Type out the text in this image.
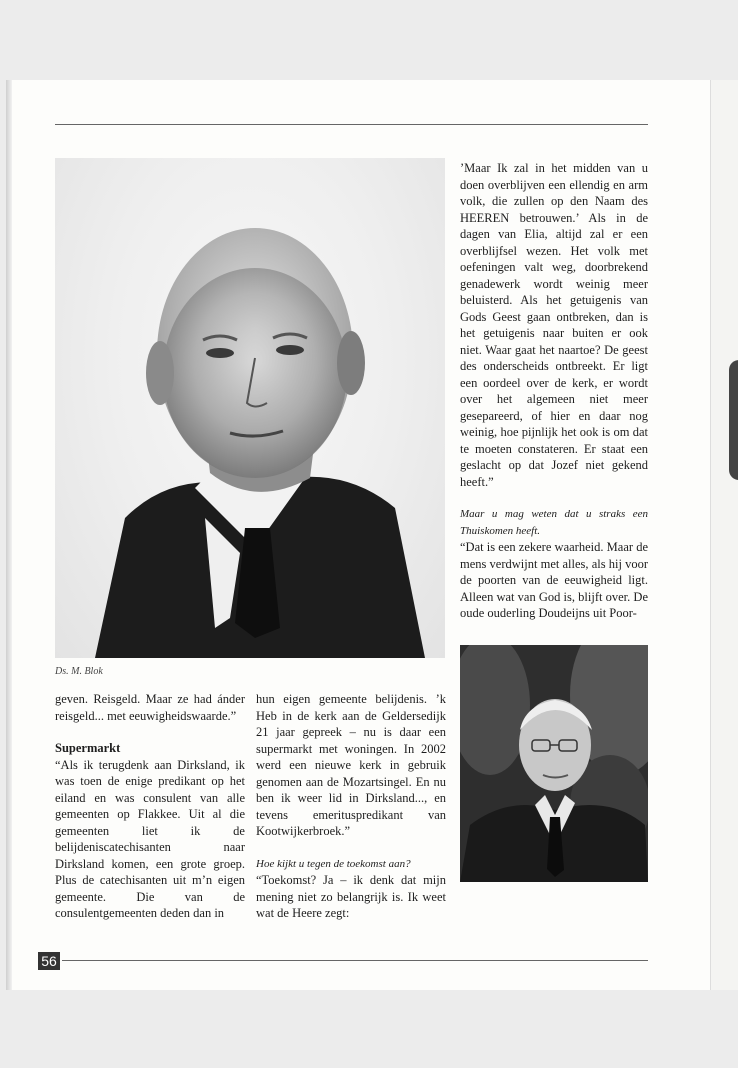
Ds. M. Blok

geven. Reisgeld. Maar ze had ánder reisgeld... met eeuwigheidswaarde.”

Supermarkt

“Als ik terugdenk aan Dirksland, ik was toen de enige predikant op het eiland en was consulent van alle gemeenten op Flakkee. Uit al die gemeenten liet ik de belijdeniscatechisanten naar Dirksland komen, een grote groep. Plus de catechisanten uit m’n eigen gemeente. Die van de consulentgemeenten deden dan in

hun eigen gemeente belijdenis. ’k Heb in de kerk aan de Geldersedijk 21 jaar gepreek – nu is daar een supermarkt met woningen. In 2002 werd een nieuwe kerk in gebruik genomen aan de Mozartsingel. En nu ben ik weer lid in Dirksland..., en tevens emerituspredikant van Kootwijkerbroek.”

Hoe kijkt u tegen de toekomst aan?

“Toekomst? Ja – ik denk dat mijn mening niet zo belangrijk is. Ik weet wat de Heere zegt:

’Maar Ik zal in het midden van u doen overblijven een ellendig en arm volk, die zullen op den Naam des HEEREN betrouwen.’ Als in de dagen van Elia, altijd zal er een overblijfsel wezen. Het volk met oefeningen valt weg, doorbrekend genadewerk wordt weinig meer beluisterd. Als het getuigenis van Gods Geest gaan ontbreken, dan is het getuigenis naar buiten er ook niet. Waar gaat het naartoe? De geest des onderscheids ontbreekt. Er ligt een oordeel over de kerk, er wordt over het algemeen niet meer gesepareerd, of hier en daar nog weinig, hoe pijnlijk het ook is om dat te moeten constateren. Er staat een geslacht op dat Jozef niet gekend heeft.”

Maar u mag weten dat u straks een Thuiskomen heeft.

“Dat is een zekere waarheid. Maar de mens verdwijnt met alles, als hij voor de poorten van de eeuwigheid ligt. Alleen wat van God is, blijft over. De oude ouderling Doudeijns uit Poor-

56
